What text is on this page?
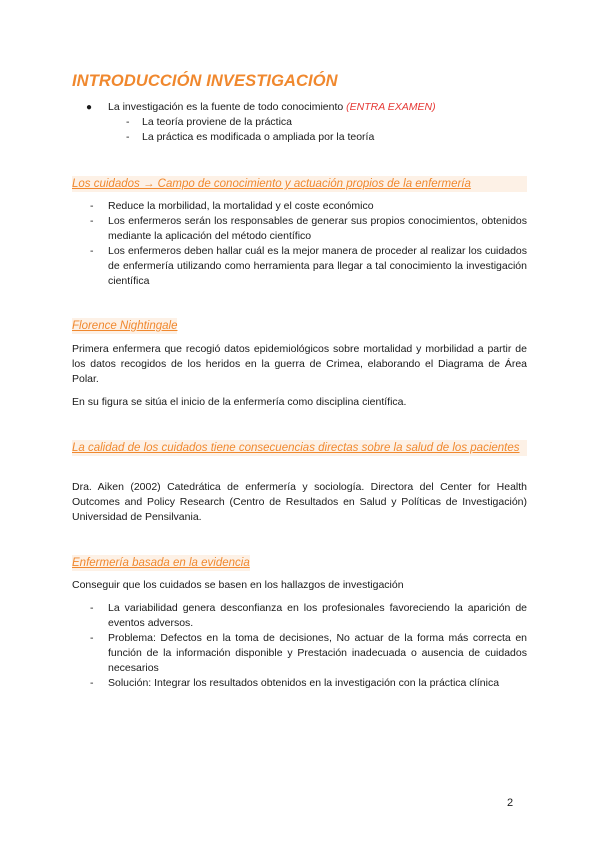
INTRODUCCIÓN INVESTIGACIÓN
● La investigación es la fuente de todo conocimiento (ENTRA EXAMEN)
- La teoría proviene de la práctica
- La práctica es modificada o ampliada por la teoría
Los cuidados → Campo de conocimiento y actuación propios de la enfermería
- Reduce la morbilidad, la mortalidad y el coste económico
- Los enfermeros serán los responsables de generar sus propios conocimientos, obtenidos mediante la aplicación del método científico
- Los enfermeros deben hallar cuál es la mejor manera de proceder al realizar los cuidados de enfermería utilizando como herramienta para llegar a tal conocimiento la investigación científica
Florence Nightingale

Primera enfermera que recogió datos epidemiológicos sobre mortalidad y morbilidad a partir de los datos recogidos de los heridos en la guerra de Crimea, elaborando el Diagrama de Área Polar.

En su figura se sitúa el inicio de la enfermería como disciplina científica.

La calidad de los cuidados tiene consecuencias directas sobre la salud de los pacientes

Dra. Aiken (2002) Catedrática de enfermería y sociología. Directora del Center for Health Outcomes and Policy Research (Centro de Resultados en Salud y Políticas de Investigación) Universidad de Pensilvania.

Enfermería basada en la evidencia

Conseguir que los cuidados se basen en los hallazgos de investigación

- La variabilidad genera desconfianza en los profesionales favoreciendo la aparición de eventos adversos.
- Problema: Defectos en la toma de decisiones, No actuar de la forma más correcta en función de la información disponible y Prestación inadecuada o ausencia de cuidados necesarios
- Solución: Integrar los resultados obtenidos en la investigación con la práctica clínica
2
